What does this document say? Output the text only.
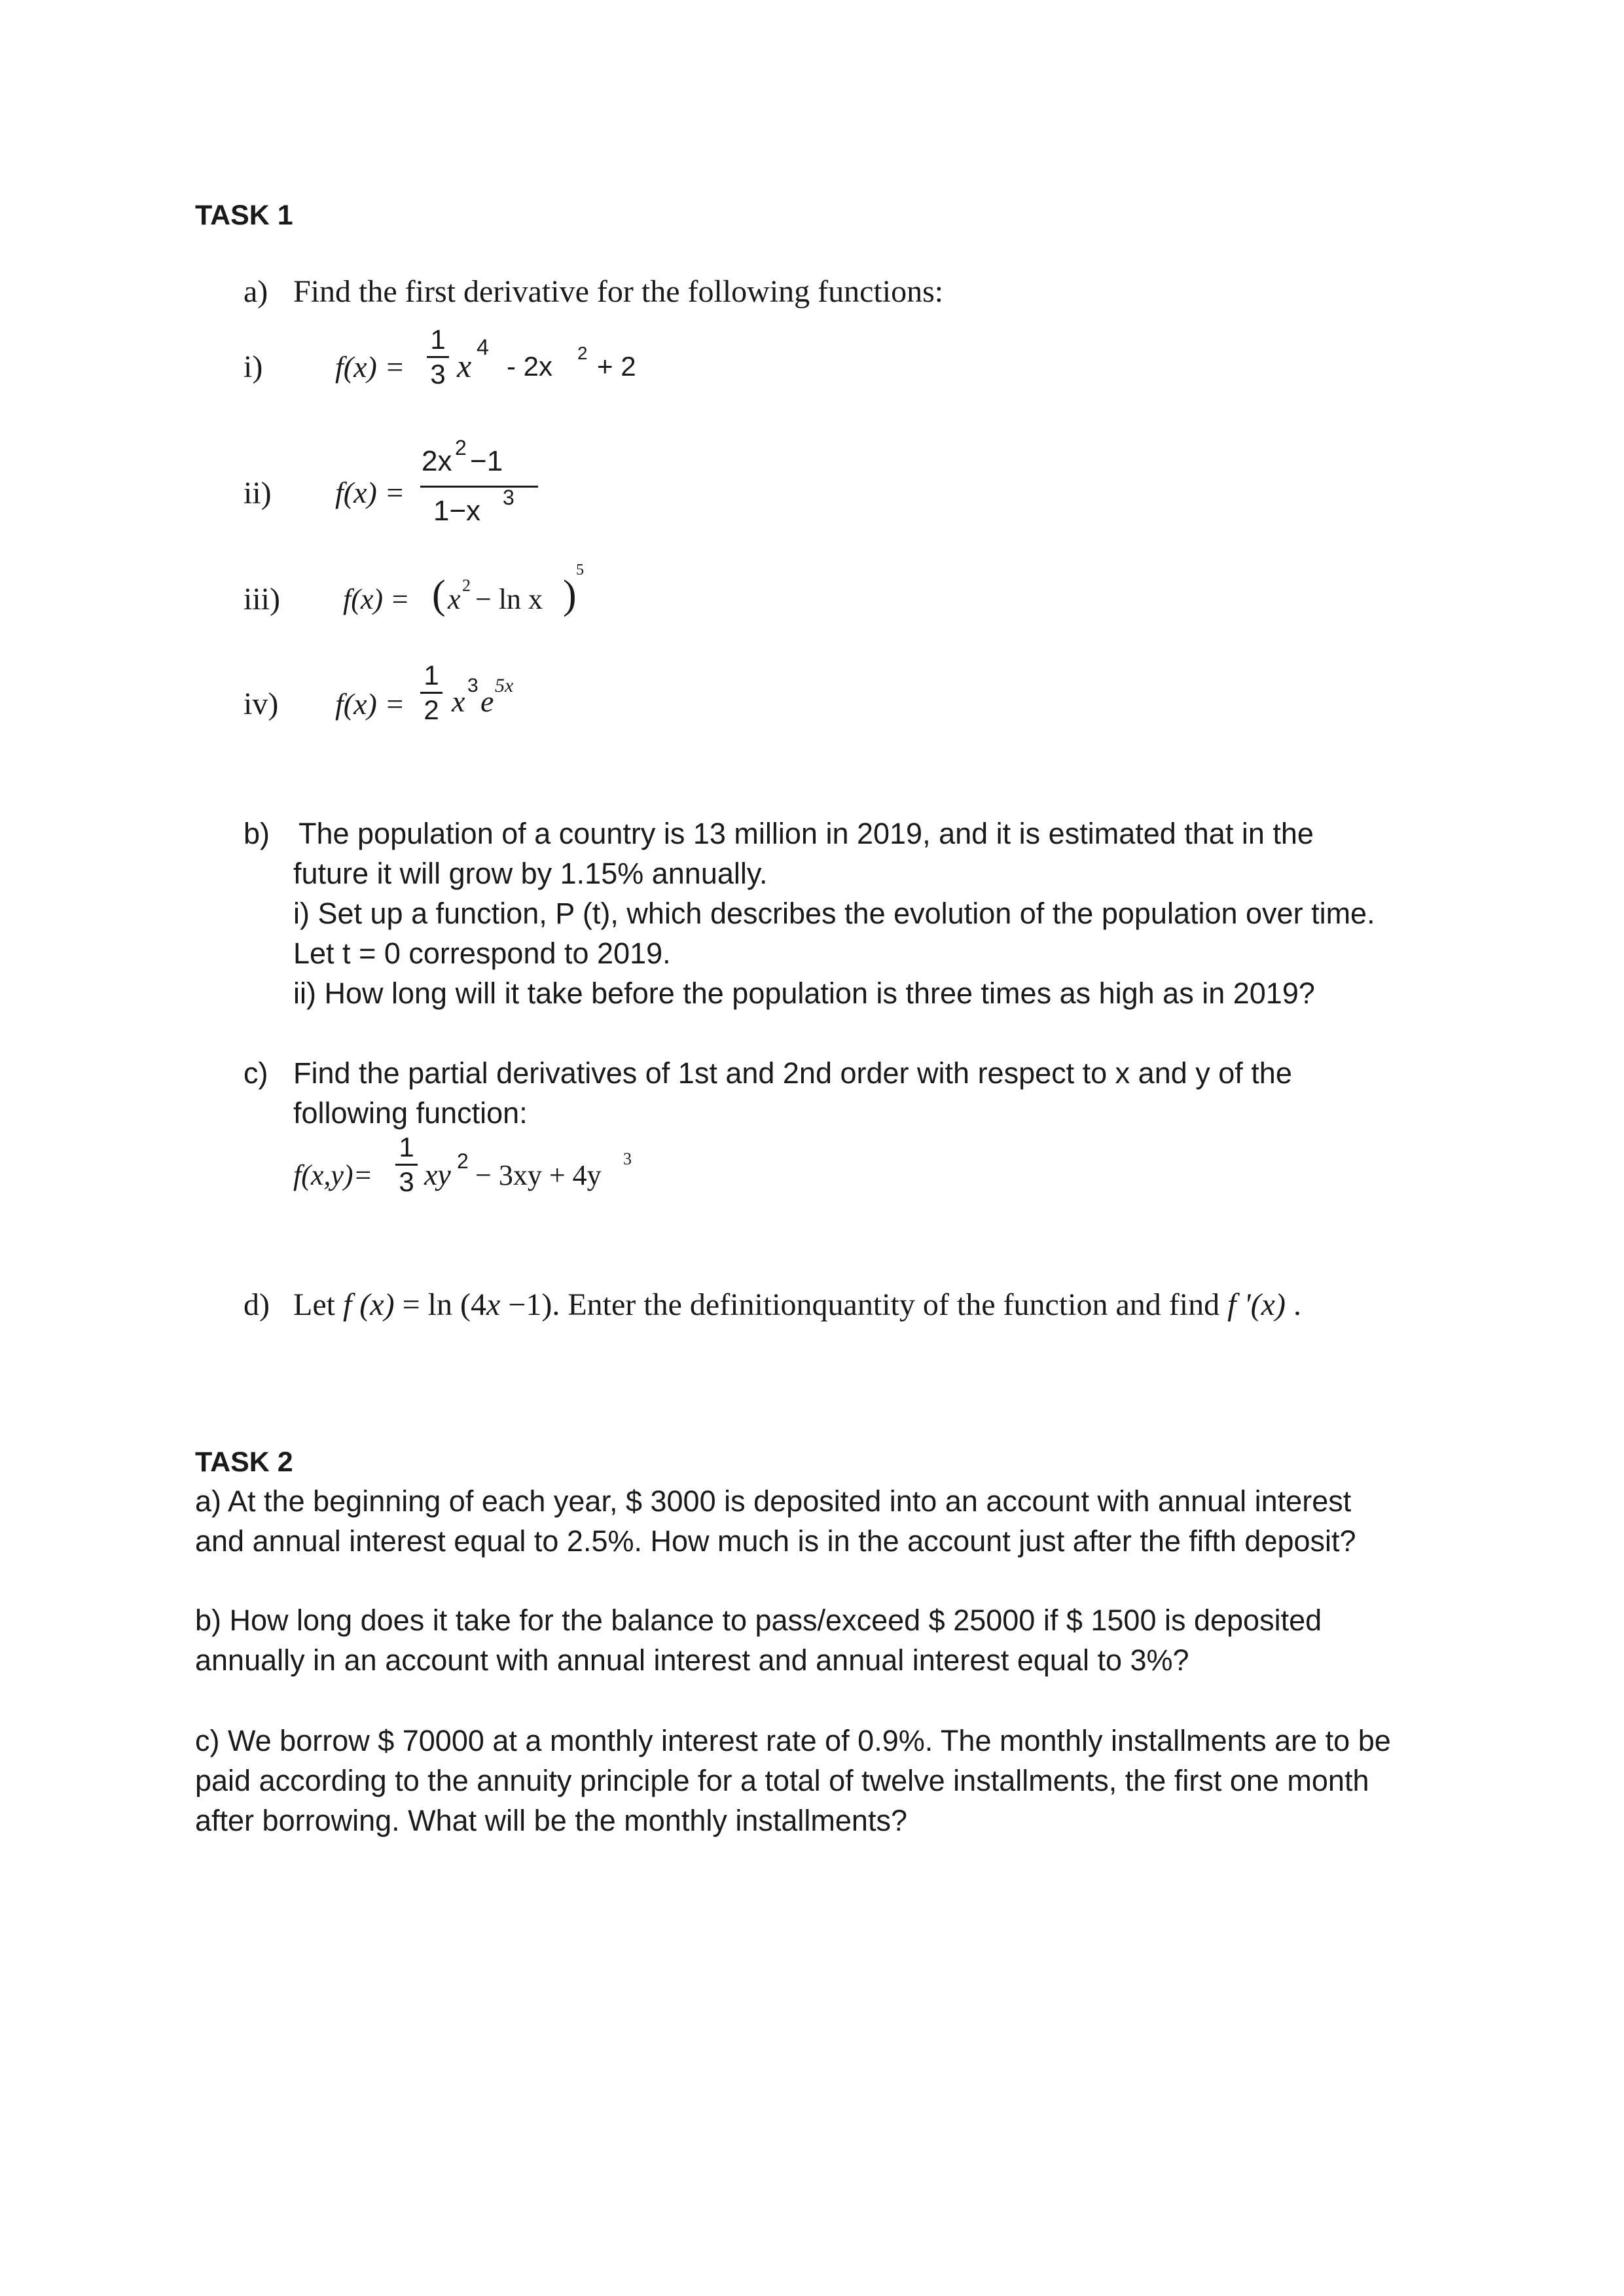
TASK 1
a) Find the first derivative for the following functions:
i) f(x) =
1
3 x 4
- 2x 2 + 2
ii) f(x) =
2x 2 −1
1−x 3
iii) f(x) = ( x 2 − ln x )
5
iv) f(x) =
1
2 x 3 e 5x
b) The population of a country is 13 million in 2019, and it is estimated that in the
future it will grow by 1.15% annually.
i) Set up a function, P (t), which describes the evolution of the population over time.
Let t = 0 correspond to 2019.
ii) How long will it take before the population is three times as high as in 2019?
c) Find the partial derivatives of 1st and 2nd order with respect to x and y of the
following function:
f(x,y)=
1
3 xy 2 − 3xy + 4y
3
d) Let f (x) = ln (4x −1). Enter the definitionquantity of the function and find f '(x) .
TASK 2
a) At the beginning of each year, $ 3000 is deposited into an account with annual interest
and annual interest equal to 2.5%. How much is in the account just after the fifth deposit?
b) How long does it take for the balance to pass/exceed $ 25000 if $ 1500 is deposited
annually in an account with annual interest and annual interest equal to 3%?
c) We borrow $ 70000 at a monthly interest rate of 0.9%. The monthly installments are to be
paid according to the annuity principle for a total of twelve installments, the first one month
after borrowing. What will be the monthly installments?
